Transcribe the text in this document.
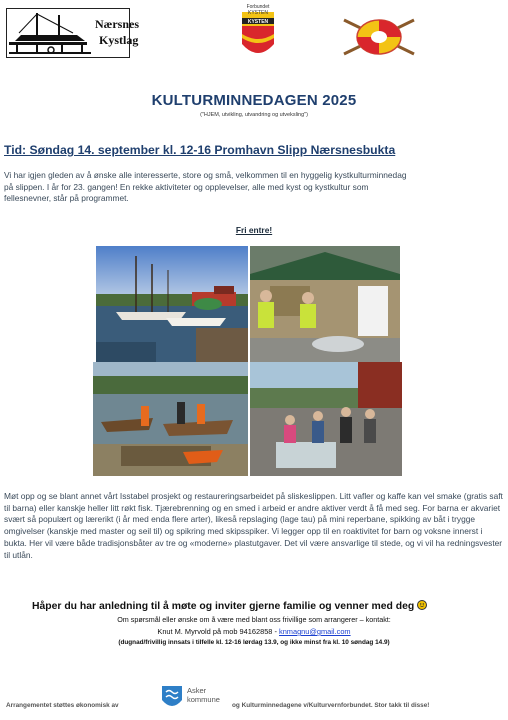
Nærsnes
Kystlag
KYSTEN
Forbundet KYSTEN
KULTURMINNEDAGEN 2025
("HJEM, utvikling, utvandring og utveksling")
Tid: Søndag 14. september kl. 12-16 Promhavn Slipp Nærsnesbukta
Vi har igjen gleden av å ønske alle interesserte, store og små, velkommen til en hyggelig kystkulturminnedag på slippen. I år for 23. gangen! En rekke aktiviteter og opplevelser, alle med kyst og kystkultur som fellesnevner, står på programmet.
Fri entre!
Møt opp og se blant annet vårt Isstabel prosjekt og restaureringsarbeidet på sliskeslippen. Litt vafler og kaffe kan vel smake (gratis saft til barna) eller kanskje heller litt røkt fisk. Tjærebrenning og en smed i arbeid er andre aktiver verdt å få med seg. For barna er akvariet svært så populært og lærerikt (i år med enda flere arter), likeså repslaging (lage tau) på mini reperbane, spikking av båt i trygge omgivelser (kanskje med master og seil til) og spikring med skipsspiker. Vi legger opp til en roaktivitet for barn og voksne innerst i bukta. Her vil være både tradisjonsbåter av tre og «moderne» plastutgaver. Det vil være ansvarlige til stede, og vi vil ha redningsvester til utlån.
Håper du har anledning til å møte og inviter gjerne familie og venner med deg
Om spørsmål eller ønske om å være med blant oss frivillige som arrangerer – kontakt:
Knut M. Myrvold på mob 94162858 - knmagnu@gmail.com
(dugnad/frivillig innsats i tilfelle kl. 12-16 lørdag 13.9, og ikke minst fra kl. 10 søndag 14.9)
Arrangementet støttes økonomisk av
Asker
kommune
og Kulturminnedagene v/Kulturvernforbundet. Stor takk til disse!
